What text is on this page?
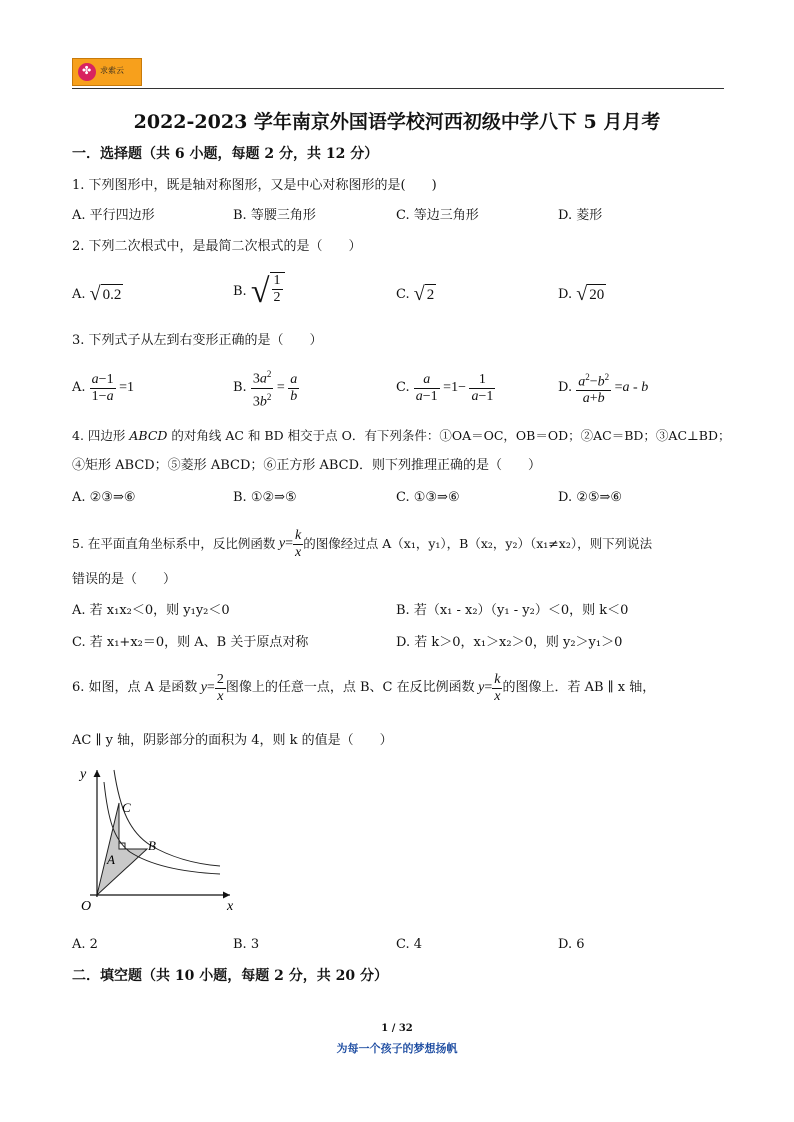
✤ 求索云
2022-2023 学年南京外国语学校河西初级中学八下 5 月月考
一．选择题（共 6 小题，每题 2 分，共 12 分）
1. 下列图形中，既是轴对称图形，又是中心对称图形的是(　　)
A. 平行四边形	B. 等腰三角形	C. 等边三角形	D. 菱形
2. 下列二次根式中，是最简二次根式的是（　　）
A. √ 0.2	B. √ $\frac{1}{2}$	C. √ 2	D. √ 20
3. 下列式子从左到右变形正确的是（　　）
A.
$\frac{a-1}{1-a} =1$	B.
$\frac{3a^2}{3b^2} = \frac{a}{b}$	C.
$\frac{a}{a-1} =1- \frac{1}{a-1}$	D.
$\frac{a^2-b^2}{a+b} =a - b$
4. 四边形 ABCD 的对角线 AC 和 BD 相交于点 O．有下列条件：①OA＝OC，OB＝OD；②AC＝BD；③AC⊥BD；
④矩形 ABCD；⑤菱形 ABCD；⑥正方形 ABCD．则下列推理正确的是（　　）
A. ②③⇒⑥	B. ①②⇒⑤	C. ①③⇒⑥	D. ②⑤⇒⑥
5. 在平面直角坐标系中，反比例函数 $y= \frac{k}{x}$ 的图像经过点
A（x₁，y₁），B（x₂，y₂）（x₁≠x₂），则下列说法
错误的是（　　）
A. 若 x₁x₂＜0，则 y₁y₂＜0	B. 若（x₁ - x₂）（y₁ - y₂）＜0，则 k＜0
C. 若 x₁+x₂＝0，则 A、B 关于原点对称	D. 若 k＞0，x₁＞x₂＞0，则 y₂＞y₁＞0
6. 如图，点 A 是函数 $y= \frac{2}{x}$ 图像上的任意一点，点 B、C 在反比例函数 $y= \frac{k}{x}$ 的图像上．若 AB ∥ x 轴，
AC ∥ y 轴，阴影部分的面积为 4，则 k 的值是（　　）
y
x
O
A
B
C
A. 2	B. 3	C. 4	D. 6
二．填空题（共 10 小题，每题 2 分，共 20 分）
1 / 32
为每一个孩子的梦想扬帆
